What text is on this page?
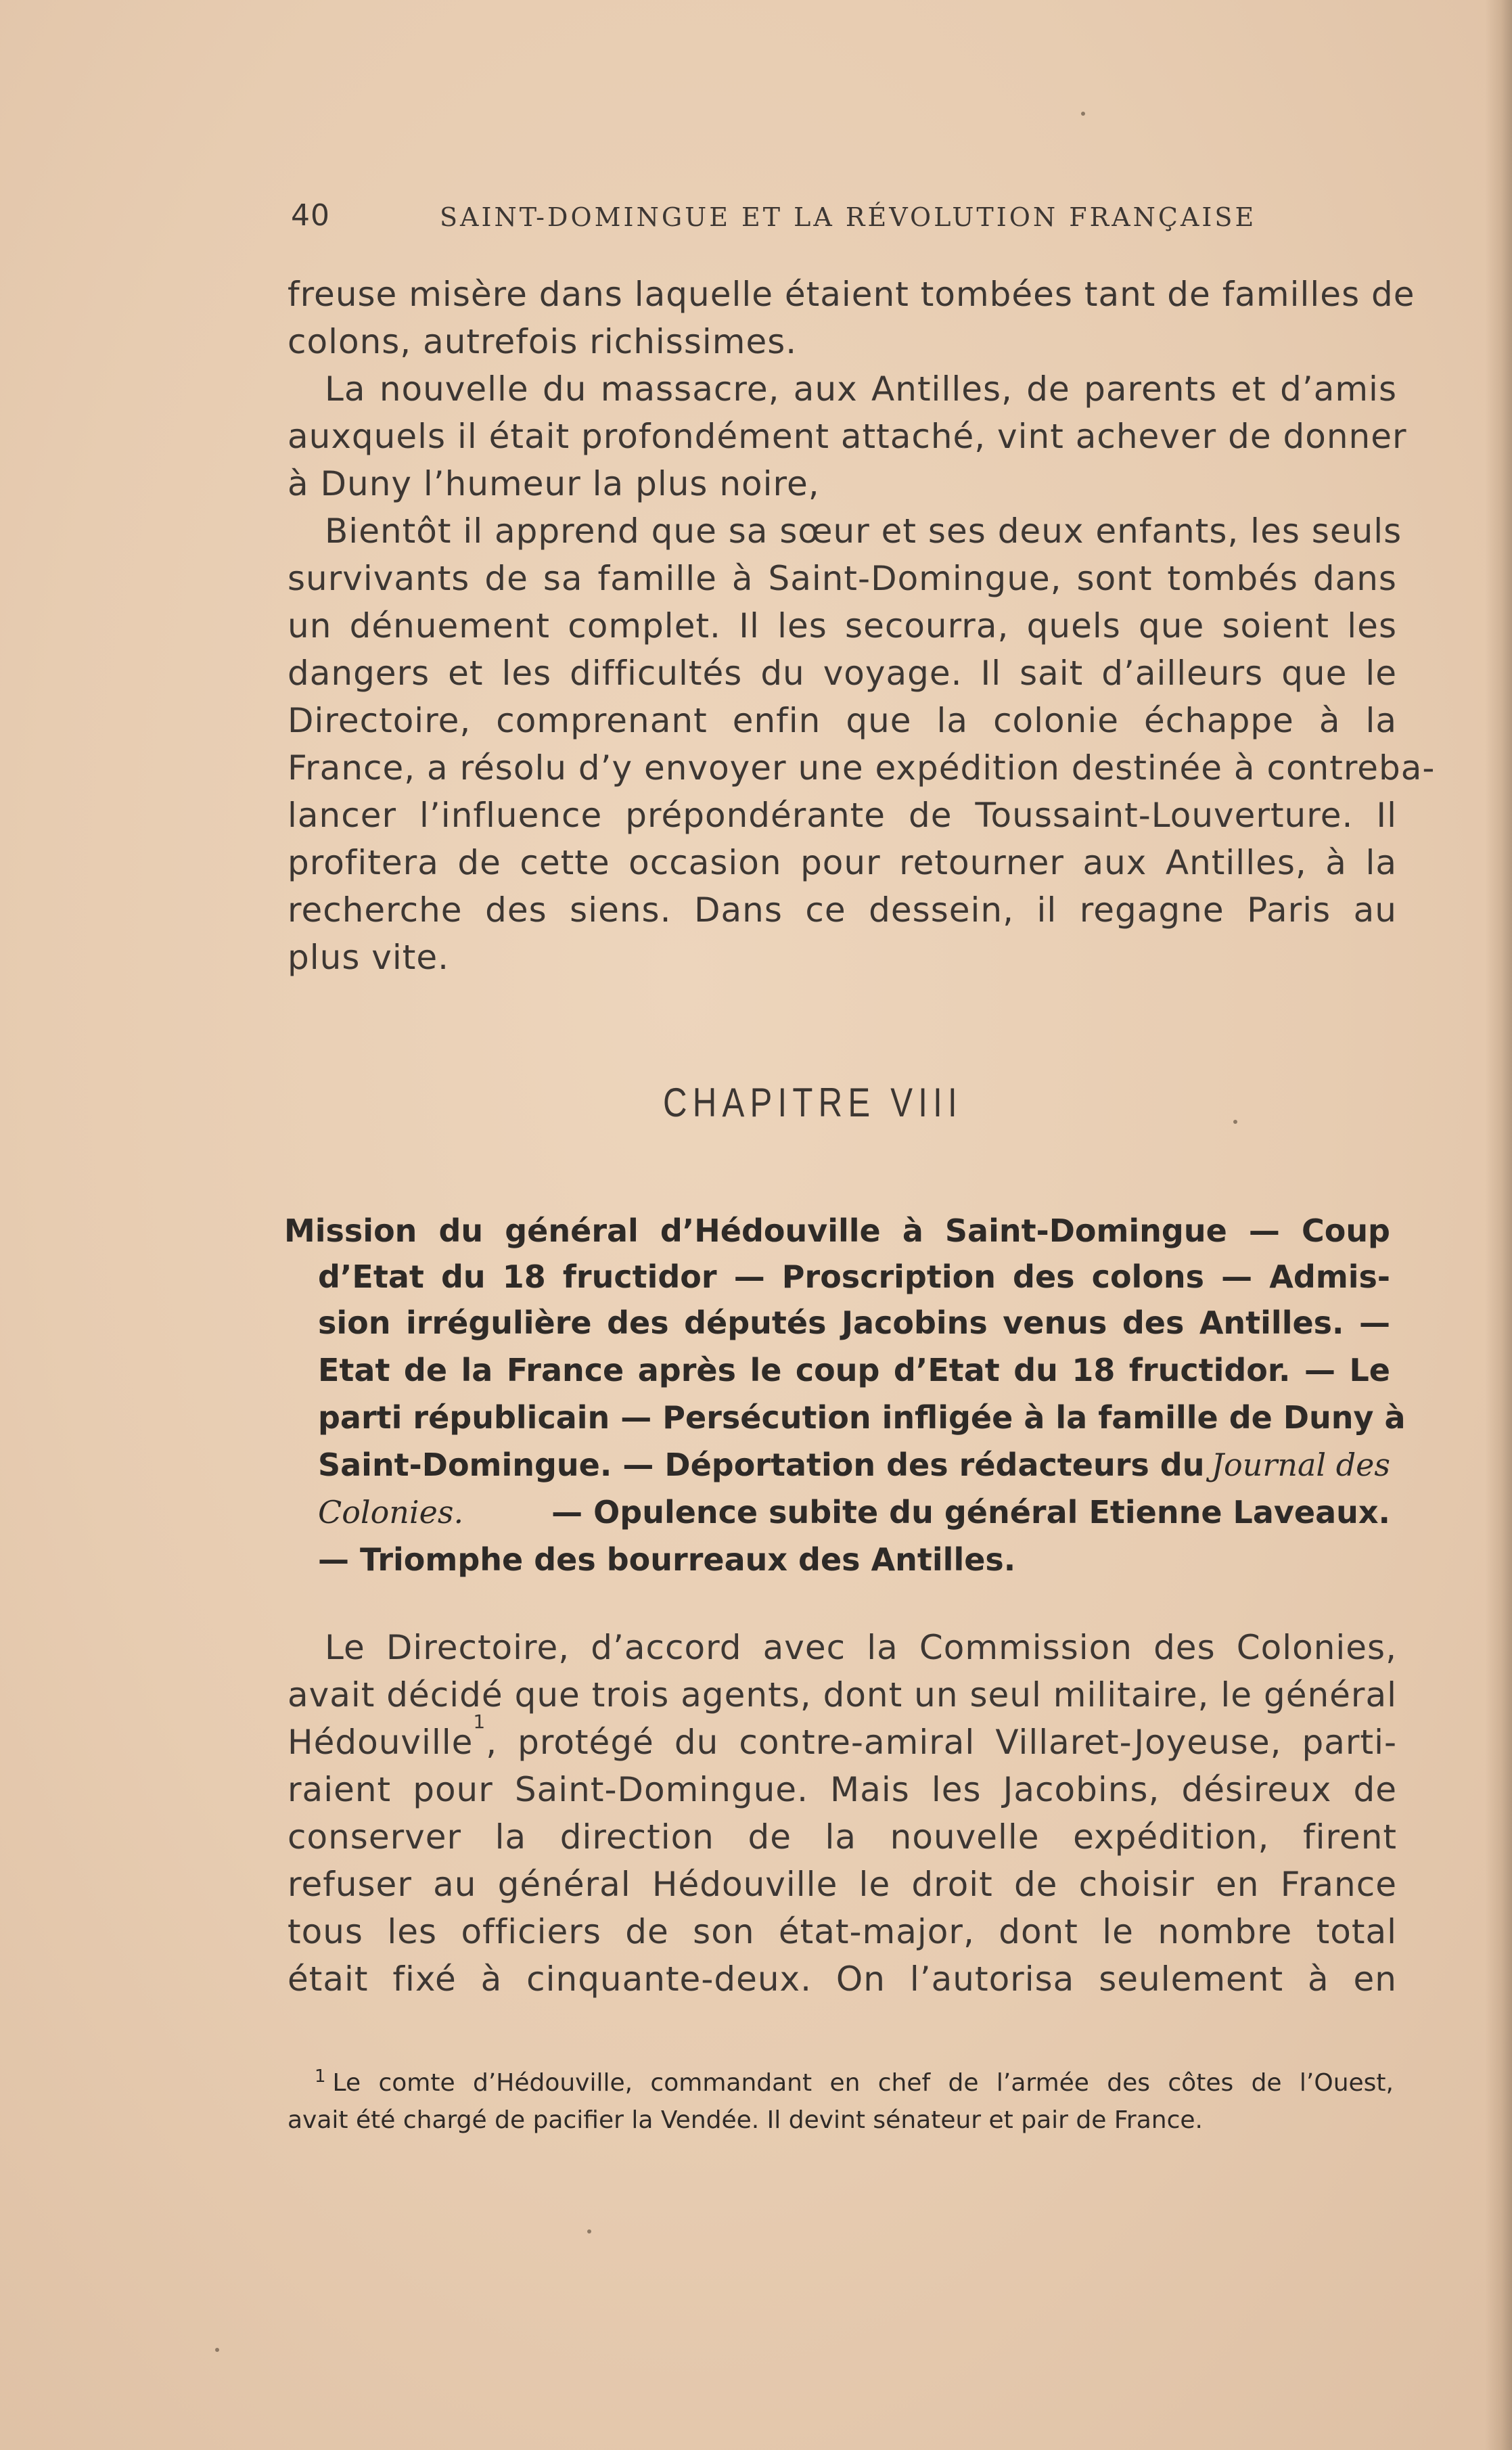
40	SAINT-DOMINGUE ET LA RÉVOLUTION FRANÇAISE
freuse misère dans laquelle étaient tombées tant de familles de
colons, autrefois richissimes.
La nouvelle du massacre, aux Antilles, de parents et d’amis
auxquels il était profondément attaché, vint achever de donner
à Duny l’humeur la plus noire,
Bientôt il apprend que sa sœur et ses deux enfants, les seuls
survivants de sa famille à Saint-Domingue, sont tombés dans
un dénuement complet. Il les secourra, quels que soient les
dangers et les difficultés du voyage. Il sait d’ailleurs que le
Directoire, comprenant enfin que la colonie échappe à la
France, a résolu d’y envoyer une expédition destinée à contreba-
lancer l’influence prépondérante de Toussaint-Louverture. Il
profitera de cette occasion pour retourner aux Antilles, à la
recherche des siens. Dans ce dessein, il regagne Paris au
plus vite.
CHAPITRE VIII
Mission du général d’Hédouville à Saint-Domingue — Coup
d’Etat du 18 fructidor — Proscription des colons — Admis-
sion irrégulière des députés Jacobins venus des Antilles. —
Etat de la France après le coup d’Etat du 18 fructidor. — Le
parti républicain — Persécution infligée à la famille de Duny à
Saint-Domingue. — Déportation des rédacteurs du Journal des
Colonies.	— Opulence subite du général Etienne Laveaux.
— Triomphe des bourreaux des Antilles.
Le Directoire, d’accord avec la Commission des Colonies,
avait décidé que trois agents, dont un seul militaire, le général
Hédouville
1
, protégé du contre-amiral Villaret-Joyeuse, parti-
raient pour Saint-Domingue. Mais les Jacobins, désireux de
conserver la direction de la nouvelle expédition, firent
refuser au général Hédouville le droit de choisir en France
tous les officiers de son état-major, dont le nombre total
était fixé à cinquante-deux. On l’autorisa seulement à en
1 Le comte d’Hédouville, commandant en chef de l’armée des côtes de l’Ouest,
avait été chargé de pacifier la Vendée. Il devint sénateur et pair de France.
